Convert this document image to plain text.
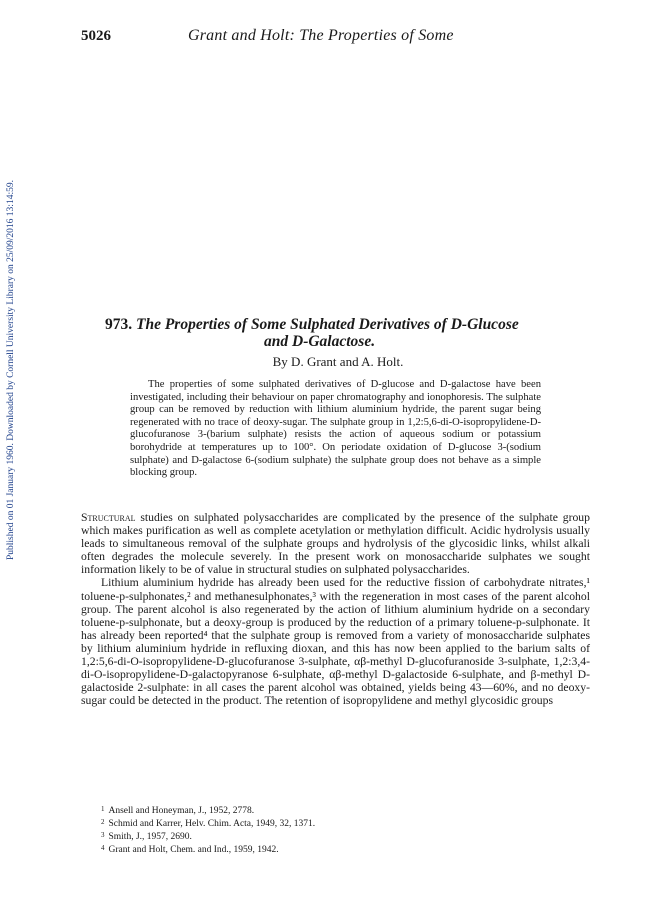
5026	Grant and Holt: The Properties of Some
Published on 01 January 1960. Downloaded by Cornell University Library on 25/09/2016 13:14:59.	973. The Properties of Some Sulphated Derivatives of D-Glucose
and D-Galactose.
By D. Grant and A. Holt.
The properties of some sulphated derivatives of D-glucose and D-galactose have been investigated, including their behaviour on paper chromatography and ionophoresis. The sulphate group can be removed by reduction with lithium aluminium hydride, the parent sugar being regenerated with no trace of deoxy-sugar. The sulphate group in 1,2:5,6-di-O-isopropylidene-D-glucofuranose 3-(barium sulphate) resists the action of aqueous sodium or potassium borohydride at temperatures up to 100°. On periodate oxidation of D-glucose 3-(sodium sulphate) and D-galactose 6-(sodium sulphate) the sulphate group does not behave as a simple blocking group.

Structural studies on sulphated polysaccharides are complicated by the presence of the sulphate group which makes purification as well as complete acetylation or methylation difficult. Acidic hydrolysis usually leads to simultaneous removal of the sulphate groups and hydrolysis of the glycosidic links, whilst alkali often degrades the molecule severely. In the present work on monosaccharide sulphates we sought information likely to be of value in structural studies on sulphated polysaccharides.

Lithium aluminium hydride has already been used for the reductive fission of carbohydrate nitrates,¹ toluene-p-sulphonates,² and methanesulphonates,³ with the regeneration in most cases of the parent alcohol group. The parent alcohol is also regenerated by the action of lithium aluminium hydride on a secondary toluene-p-sulphonate, but a deoxy-group is produced by the reduction of a primary toluene-p-sulphonate. It has already been reported⁴ that the sulphate group is removed from a variety of monosaccharide sulphates by lithium aluminium hydride in refluxing dioxan, and this has now been applied to the barium salts of 1,2:5,6-di-O-isopropylidene-D-glucofuranose 3-sulphate, αβ-methyl D-glucofuranoside 3-sulphate, 1,2:3,4-di-O-isopropylidene-D-galactopyranose 6-sulphate, αβ-methyl D-galactoside 6-sulphate, and β-methyl D-galactoside 2-sulphate: in all cases the parent alcohol was obtained, yields being 43—60%, and no deoxy-sugar could be detected in the product. The retention of isopropylidene and methyl glycosidic groups

$^1$ Ansell and Honeyman, J., 1952, 2778.
$^2$ Schmid and Karrer, Helv. Chim. Acta, 1949, 32, 1371.
$^3$ Smith, J., 1957, 2690.
$^4$ Grant and Holt, Chem. and Ind., 1959, 1942.
